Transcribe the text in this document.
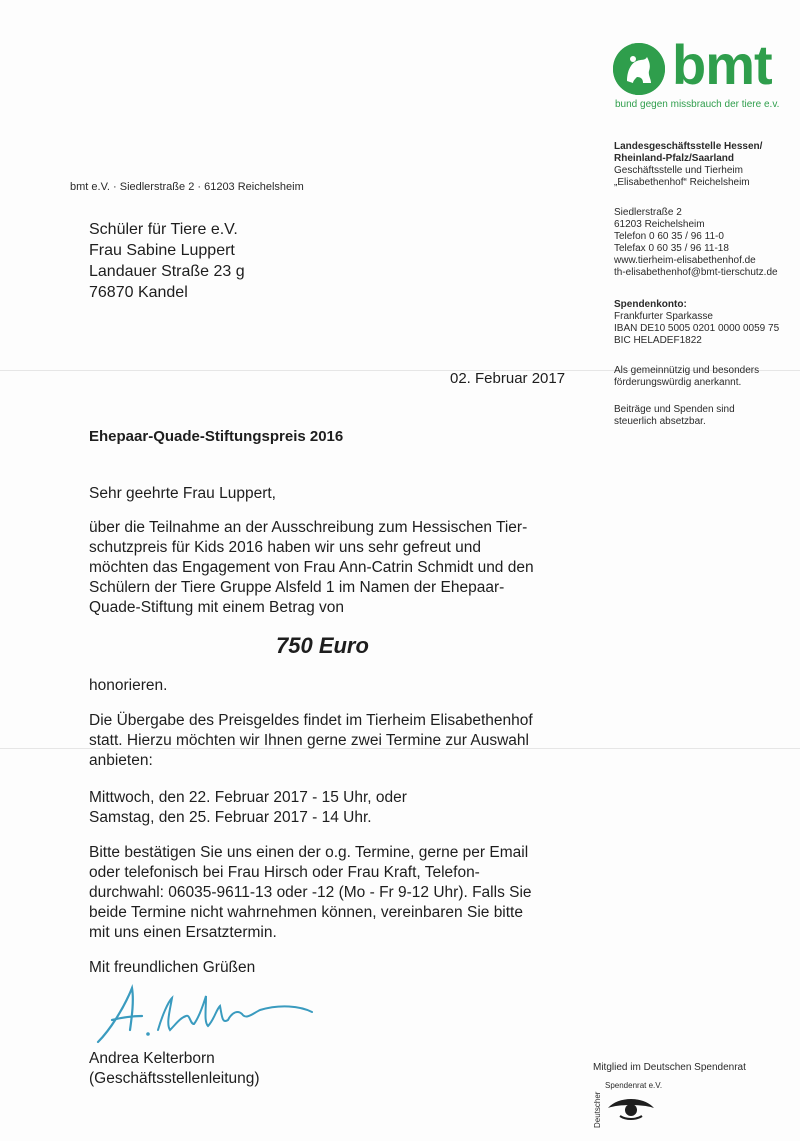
bmt
bund gegen missbrauch der tiere e.v.
Landesgeschäftsstelle Hessen/
Rheinland-Pfalz/Saarland
Geschäftsstelle und Tierheim
„Elisabethenhof“ Reichelsheim
Siedlerstraße 2
61203 Reichelsheim
Telefon 0 60 35 / 96 11-0
Telefax 0 60 35 / 96 11-18
www.tierheim-elisabethenhof.de
th-elisabethenhof@bmt-tierschutz.de
Spendenkonto:
Frankfurter Sparkasse
IBAN DE10 5005 0201 0000 0059 75
BIC HELADEF1822
Als gemeinnützig und besonders
förderungswürdig anerkannt.
Beiträge und Spenden sind
steuerlich absetzbar.
bmt e.V. · Siedlerstraße 2 · 61203 Reichelsheim
Schüler für Tiere e.V.
Frau Sabine Luppert
Landauer Straße 23 g
76870 Kandel
02. Februar 2017
Ehepaar-Quade-Stiftungspreis 2016
Sehr geehrte Frau Luppert,
über die Teilnahme an der Ausschreibung zum Hessischen Tier-
schutzpreis für Kids 2016 haben wir uns sehr gefreut und
möchten das Engagement von Frau Ann-Catrin Schmidt und den
Schülern der Tiere Gruppe Alsfeld 1 im Namen der Ehepaar-
Quade-Stiftung mit einem Betrag von
750 Euro
honorieren.
Die Übergabe des Preisgeldes findet im Tierheim Elisabethenhof
statt. Hierzu möchten wir Ihnen gerne zwei Termine zur Auswahl
anbieten:
Mittwoch, den 22. Februar 2017 - 15 Uhr, oder
Samstag, den 25. Februar 2017 - 14 Uhr.
Bitte bestätigen Sie uns einen der o.g. Termine, gerne per Email
oder telefonisch bei Frau Hirsch oder Frau Kraft, Telefon-
durchwahl: 06035-9611-13 oder -12 (Mo - Fr 9-12 Uhr). Falls Sie
beide Termine nicht wahrnehmen können, vereinbaren Sie bitte
mit uns einen Ersatztermin.
Mit freundlichen Grüßen
Andrea Kelterborn
(Geschäftsstellenleitung)
Mitglied im Deutschen Spendenrat
Spendenrat e.V.
Deutscher
